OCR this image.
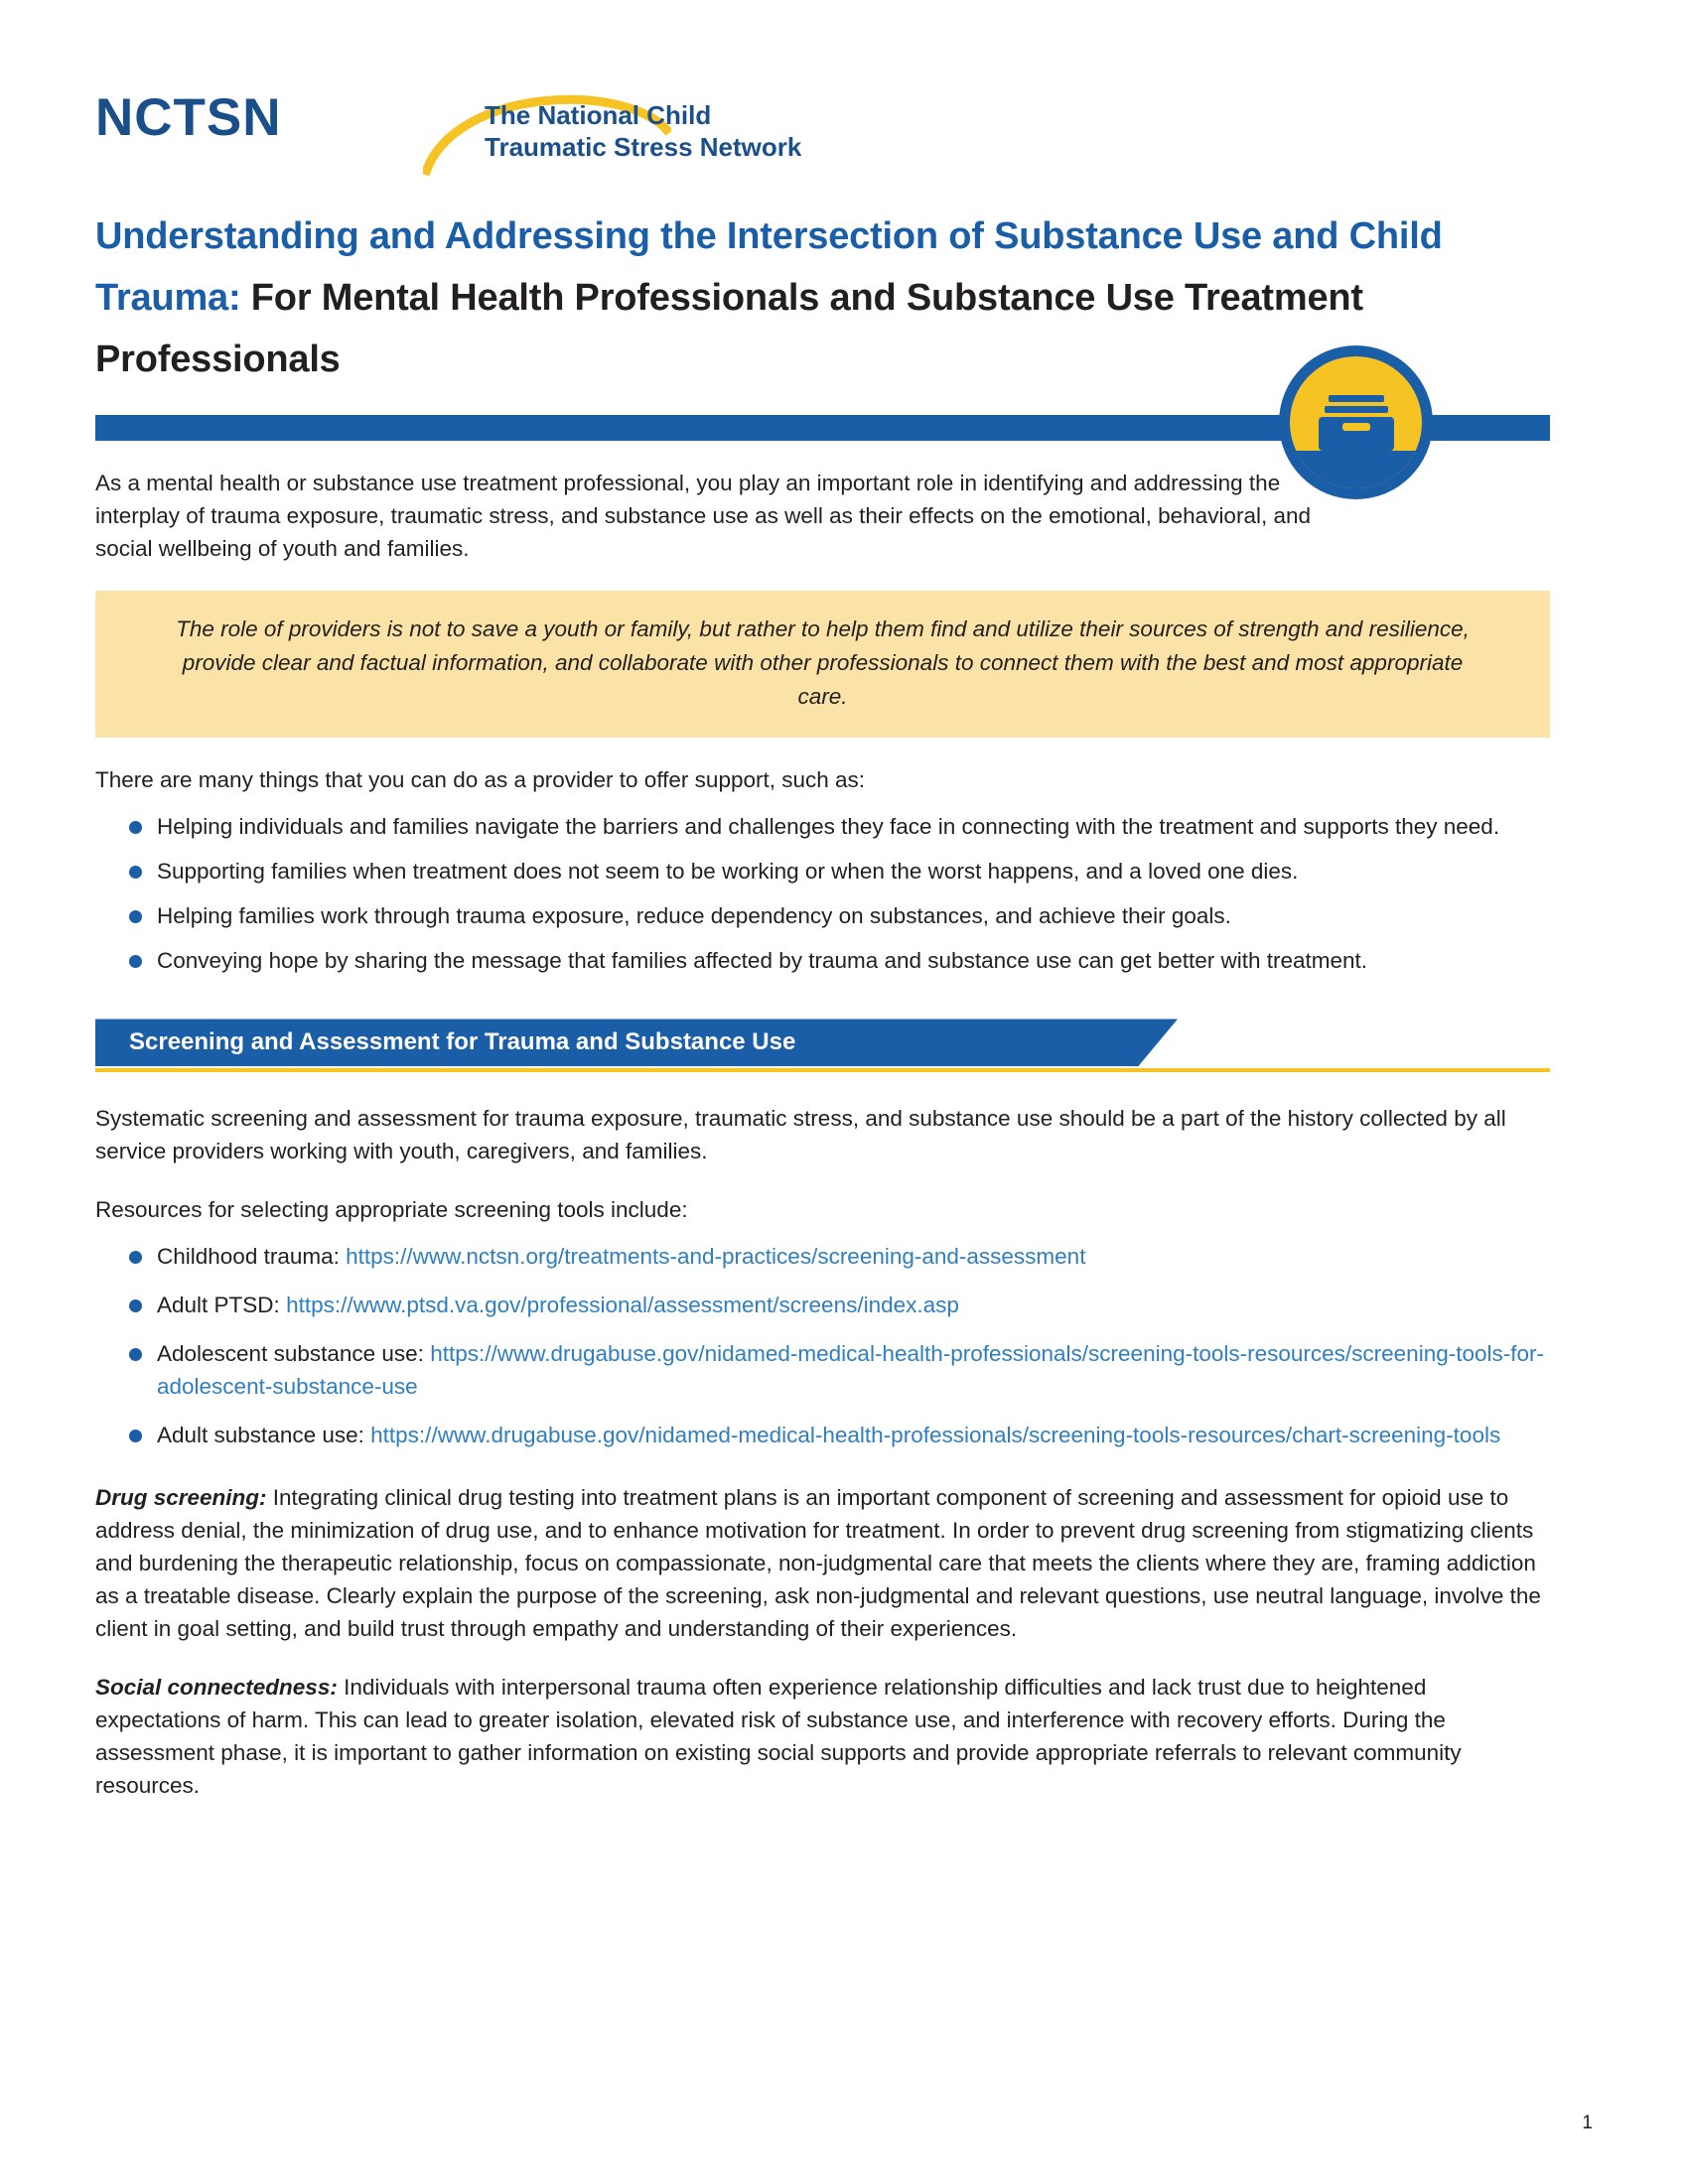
NCTSN	The National Child
Traumatic Stress Network
Understanding and Addressing the Intersection of Substance Use and Child Trauma: For Mental Health Professionals and Substance Use Treatment Professionals

As a mental health or substance use treatment professional, you play an important role in identifying and addressing the interplay of trauma exposure, traumatic stress, and substance use as well as their effects on the emotional, behavioral, and social wellbeing of youth and families.

The role of providers is not to save a youth or family, but rather to help them find and utilize their sources of strength and resilience, provide clear and factual information, and collaborate with other professionals to connect them with the best and most appropriate care.

There are many things that you can do as a provider to offer support, such as:

Helping individuals and families navigate the barriers and challenges they face in connecting with the treatment and supports they need.
Supporting families when treatment does not seem to be working or when the worst happens, and a loved one dies.
Helping families work through trauma exposure, reduce dependency on substances, and achieve their goals.
Conveying hope by sharing the message that families affected by trauma and substance use can get better with treatment.
Screening and Assessment for Trauma and Substance Use

Systematic screening and assessment for trauma exposure, traumatic stress, and substance use should be a part of the history collected by all service providers working with youth, caregivers, and families.

Resources for selecting appropriate screening tools include:

Childhood trauma: https://www.nctsn.org/treatments-and-practices/screening-and-assessment
Adult PTSD: https://www.ptsd.va.gov/professional/assessment/screens/index.asp
Adolescent substance use: https://www.drugabuse.gov/nidamed-medical-health-professionals/screening-tools-resources/screening-tools-for-adolescent-substance-use
Adult substance use: https://www.drugabuse.gov/nidamed-medical-health-professionals/screening-tools-resources/chart-screening-tools

Drug screening: Integrating clinical drug testing into treatment plans is an important component of screening and assessment for opioid use to address denial, the minimization of drug use, and to enhance motivation for treatment. In order to prevent drug screening from stigmatizing clients and burdening the therapeutic relationship, focus on compassionate, non-judgmental care that meets the clients where they are, framing addiction as a treatable disease. Clearly explain the purpose of the screening, ask non-judgmental and relevant questions, use neutral language, involve the client in goal setting, and build trust through empathy and understanding of their experiences.

Social connectedness: Individuals with interpersonal trauma often experience relationship difficulties and lack trust due to heightened expectations of harm. This can lead to greater isolation, elevated risk of substance use, and interference with recovery efforts. During the assessment phase, it is important to gather information on existing social supports and provide appropriate referrals to relevant community resources.

1
